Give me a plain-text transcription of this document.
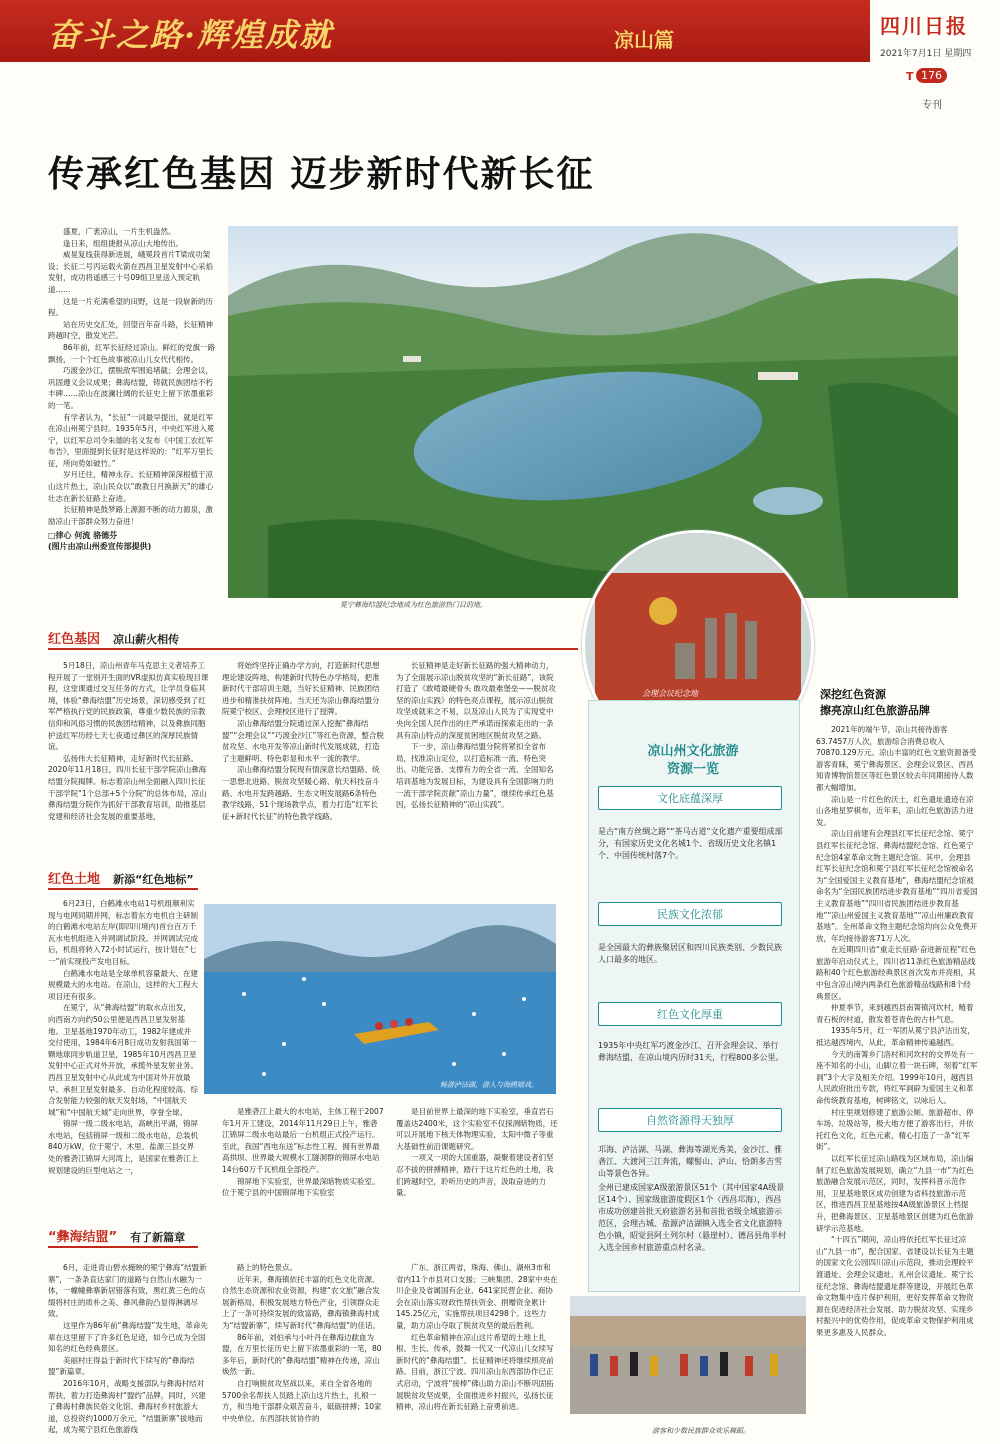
奋斗之路·辉煌成就	凉山篇
四川日报
2021年7月1日 星期四
T 176
专刊
传承红色基因 迈步新时代新长征

盛夏，广袤凉山，一片生机盎然。

逢日来，组组捷报从凉山大地传出。

威晃复线获得新进展，峨冕段首片T梁成功架设；长征二号丙运载火箭在西昌卫星发射中心采焰发射，成功将遥感三十号09组卫星送入预定轨道……

这是一片充满希望的田野，这是一段崭新的历程。

站在历史交汇处，回望百年奋斗路，长征精神跨越时空，散发光芒。

86年前，红军长征经过凉山。鲜红的党旗一路飘扬，一个个红色故事被凉山儿女代代相传。

巧渡金沙江，摆脱敌军围追堵截；会理会议，巩固遵义会议成果；彝海结盟，铸就民族团结不朽丰碑……凉山在波澜壮阔的长征史上留下浓墨重彩的一笔。

有学者认为，“长征”一词最早提出，就是红军在凉山州冕宁县时。1935年5月，中央红军进入冕宁，以红军总司令朱德的名义发布《中国工农红军布告》，里面提到长征时是这样说的：“红军万里长征，所向势如破竹。”

岁月迁往，精神永存。长征精神深深根植于凉山这片热土，凉山民众以“敢教日月换新天”的雄心壮志在新长征路上奋进。

长征精神是鼓梦路上源源不断的动力源泉，激励凉山干部群众努力奋进！

□律心 何流 骆德芬
(图片由凉山州委宣传部提供)
冕宁彝海结盟纪念地成为红色旅游热门目的地。
会理会议纪念地
红色基因 凉山薪火相传

5月18日，凉山州青年马克思主义者培养工程开展了一堂别开生面的VR虚拟仿真实验现目课程，这堂课通过交互任务的方式，让学员身临其境，体验“彝海结盟”历史场景，深切感受到了红军严格执行党的民族政策，尊重少数民族的宗教信仰和风俗习惯的民族团结精神，以及彝族同胞护送红军历经七天七夜通过彝区的深厚民族情谊。

弘扬伟大长征精神，走好新时代长征路。2020年11月18日，四川长征干部学院凉山彝海结盟分院揭牌。标志着凉山州全面融入四川长征干部学院“1个总部+5个分院”的总体布局，凉山彝海结盟分院作为抓好干部教育培训，助推基层党建和经济社会发展的重要基地，

将始终坚持正确办学方向，打造新时代思想理论建设阵地，构建新时代特色办学格局，把准新时代干部培训主题，当好长征精神、民族团结进步和精准扶贫阵地。当天还为凉山彝海结盟分院冕宁校区、会理校区进行了授牌。

凉山彝海结盟分院通过深入挖掘“彝海结盟”“会理会议”“巧渡金沙江”等红色资源，整合脱贫攻坚、水电开发等凉山新时代发展成就，打造了主题鲜明、特色彰显和水平一流的教学。

凉山彝海结盟分院现有情深意长结盟路、统一思想北进路、脱贫攻坚暖心路、航天科技奋斗路、水电开发跨越路、生态文明发展路6条特色教学线路，51个现场教学点，着力打造“红军长征+新时代长征”的特色教学线路。

长征精神是走好新长征路的强大精神动力，为了全面展示凉山脱贫攻坚的“新长征路”，该院打造了《敢啃最硬骨头 敢攻最难堡垒——脱贫攻坚的凉山实践》的特色亮点课程，展示凉山脱贫攻坚成就来之不易，以及凉山人民为了实现党中央向全国人民作出的庄严承诺而探索走出的一条具有凉山特点的深度贫困地区脱贫攻坚之路。

下一步，凉山彝海结盟分院将紧扣全省布局，找准凉山定位，以打造标准一流、特色突出、功能完备、支撑有力的全省一流、全国知名培训基地为发展目标，为建设具有全国影响力的一流干部学院贡献“凉山力量”，继续传承红色基因，弘扬长征精神的“凉山实践”。

红色土地 新添“红色地标”

6月23日，白鹤滩水电站1号机组顺利实现与电网同期并网，标志着东方电机自主研制的白鹤滩水电站左岸(即四川境内)首台百万千瓦水电机组进入并网调试阶段。并网调试完成后，机组将转入72小时试运行，按计划在“七一”前实现投产发电目标。

白鹤滩水电站是全球单机容量最大、在建规模最大的水电站。在凉山，这样的大工程大项目还有很多。

在冕宁，从“彝海结盟”的取水点出发，向西南方向约50公里便是西昌卫星发射基地。卫星基地1970年动工，1982年建成并交付使用，1984年6月8日成功发射我国第一颗地球同步轨道卫星，1985年10月西昌卫星发射中心正式对外开放，承揽外星发射业务。西昌卫星发射中心从此成为中国对外开放最早、承担卫星发射最多、自动化程度较高、综合发射能力较强的航天发射场，“中国航天城”和“中国航天城”走向世界，享誉全球。

锦屏一级二级水电站，高峡出平湖，锦屏水电站，包括锦屏一级和二级水电站，总装机840万kW，位于冕宁、木里、盐源三县交界处的雅砻江锦屏大河湾上，是国家在雅砻江上规划建设的巨型电站之一，

畅游泸沽湖，游人与海鸥嬉戏。

是雅砻江上最大的水电站，主体工程于2007年1月开工建设，2014年11月29日上午，雅砻江锦屏二级水电站最后一台机组正式投产运行。至此，我国“西电东送”标志性工程，拥有世界最高拱坝、世界最大规模水工隧洞群的锦屏水电站14台60万千瓦机组全部投产。

锦屏地下实验室，世界最深暗物质实验室。位于冕宁县的中国锦屏地下实验室

是目前世界上最深的地下实验室，垂直岩石覆盖达2400米，这个实验室不仅探测暗物质，还可以开展地下核天体物理实验，太阳中微子等重大基础性前沿课题研究。

一项又一项的大国重器，凝聚着建设者们坚忍不拔的拼搏精神，踏行于这片红色的土地，我们跨越时空，聆听历史的声音，汲取奋进的力量。

“彝海结盟” 有了新篇章

6月，走进青山碧水掩映的冕宁彝海“结盟新寨”，一条条直达家门的道路与自然山水融为一体，一幢幢彝寨新居错落有致，黑红黄三色的点缀将村庄的质朴之美、彝风彝韵凸显得淋漓尽致。

这里作为86年前“彝海结盟”发生地，革命先辈在这里留下了许多红色足迹，如今已成为全国知名的红色经典景区。

美丽村庄得益于新时代下续写的“彝海结盟”新篇章。

2016年10月，战略支援部队与彝海村结对帮扶，着力打造彝海村“盟约”品牌，同时，兴建了彝海村彝族民俗文化馆、彝海村乡村旅游大道，总投资约1000万余元，“结盟新寨”拔地而起，成为冕宁县红色旅游线

路上的特色景点。

近年来，彝海镇依托丰富的红色文化资源、自然生态资源和农业资源，构建“农文旅”融合发展新格局，积极发展地方特色产业，引领群众走上了一条可持续发展的致富路，彝海镇彝海村成为“结盟新寨”，续写新时代“彝海结盟”的佳话。

86年前，刘伯承与小叶丹在彝海边歃血为盟，在万里长征历史上留下浓墨重彩的一笔，80多年后，新时代的“彝海结盟”精神在传递，凉山焕然一新。

自打响脱贫攻坚战以来，来自全省各地的5700余名帮扶人员踏上凉山这片热土，扎根一方，和当地干部群众艰苦奋斗，砥砺拼搏；10家中央单位、东西部扶贫协作的

广东、浙江两省，珠海、佛山、湖州3市和省内11个市县对口支援；三峡集团、28家中央在川企业及省属国有企业、641家民营企业、商协会在凉山落实财政性帮扶资金、捐赠资金累计145.25亿元，实施帮扶项目4298个。这些力量，助力凉山夺取了脱贫攻坚的最后胜利。

红色革命精神在凉山这片希望的土地上扎根、生长、传承，鼓舞一代又一代凉山儿女续写新时代的“彝海结盟”。长征精神还将继续照亮前路。目前，浙江宁波、四川凉山东西部协作已正式启动，宁波将“接棒”佛山助力凉山不断巩固拓展脱贫攻坚成果，全面推进乡村振兴，弘扬长征精神，凉山将在新长征路上奋勇前进。

凉山州文化旅游
资源一览
文化底蕴深厚

是古“南方丝绸之路”“茶马古道”文化遗产重要组成部分，有国家历史文化名城1个、省级历史文化名镇1个、中国传统村落7个。

民族文化浓郁

是全国最大的彝族聚居区和四川民族类别、少数民族人口最多的地区。

红色文化厚重

1935年中央红军巧渡金沙江、召开会理会议、举行彝海结盟，在凉山境内历时31天，行程800多公里。

自然资源得天独厚

邛海、泸沽湖、马湖、彝海等湖光秀美，金沙江、雅砻江、大渡河三江奔流，螺髻山、泸山、恰朗多吉雪山等景色各异。

全州已建成国家A级旅游景区51个（其中国家4A级景区14个）、国家级旅游度假区1个（西昌邛海），西昌市成功创建首批天府旅游名县和首批省级全域旅游示范区，会理古城、盐源泸沽湖镇入选全省文化旅游特色小镇，昭觉县阿土列尔村（悬崖村）、德昌县角半村入选全国乡村旅游重点村名录。

游客和少数民族群众欢乐舞蹈。
深挖红色资源
擦亮凉山红色旅游品牌

2021年的端午节，凉山共接待游客63.7457万人次，旅游综合消费总收入70870.129万元。凉山丰富的红色文旅资源备受游客青睐，冕宁彝海景区、会理会议景区、西昌知青博物馆景区等红色景区较去年同期接待人数都大幅增加。

凉山是一片红色的沃土，红色遗址遗迹在凉山各地星罗棋布，近年来，凉山红色旅游活力迸发。

凉山目前建有会理县红军长征纪念馆、冕宁县红军长征纪念馆、彝海结盟纪念馆、红色冕宁纪念馆4家革命文物主题纪念馆。其中，会理县红军长征纪念馆和冕宁县红军长征纪念馆被命名为“全国爱国主义教育基地”，彝海结盟纪念馆被命名为“全国民族团结进步教育基地”“四川省爱国主义教育基地”“四川省民族团结进步教育基地”“凉山州爱国主义教育基地”“凉山州廉政教育基地”。全州革命文物主题纪念馆均向公众免费开放，年均接待游客71万人次。

在近期四川省“重走长征路·奋进新征程”红色旅游年启动仪式上，四川省11条红色旅游精品线路和40个红色旅游经典景区首次发布并亮相，其中包含凉山境内两条红色旅游精品线路和8个经典景区。

仲夏季节，来到越西县南箐镇河坎村，鲢着青石板的村道，散发着苍青色的古朴气息。

1935年5月，红一军团从冕宁县泸沽出发，抵达越西境内，从此，革命精神传遍越西。

今天的南箐乡门洛村和河坎村的交界处有一座不知名的小山，山脚立着一块石碑，刻着“红军洞”3个大字及相关介绍。1999年10月，越西县人民政府批出专款，将红军洞辟为爱国主义和革命传统教育基地，树碑铭文，以咏后人。

村庄里规划修建了旅游公厕、旅游超市、停车场、垃圾站等，极大地方便了游客出行，并依托红色文化，红色元素，精心打造了一条“红军街”。

以红军长征过凉山路线为区域布局，凉山编制了红色旅游发展规划，确立“九县一市”为红色旅游融合发展示范区，同时，发挥科普示范作用，卫星基地景区成功创建为省科技旅游示范区，推进西昌卫星基地按4A级旅游景区上档提升，把彝海景区、卫星基地景区创建为红色旅游研学示范基地。

“十四五”期间，凉山将依托红军长征过凉山“九县一市”，配合国家、省建设以长征为主题的国家文化公园四川凉山示范段，推动会理皎平渡遗址、会理会议遗址、礼州会议遗址、冕宁长征纪念馆、彝海结盟遗址群等建设，开展红色革命文物集中连片保护利用，更好发挥革命文物资源在促进经济社会发展、助力脱贫攻坚、实现乡村振兴中的优势作用，促成革命文物保护利用成果更多惠及人民群众。
